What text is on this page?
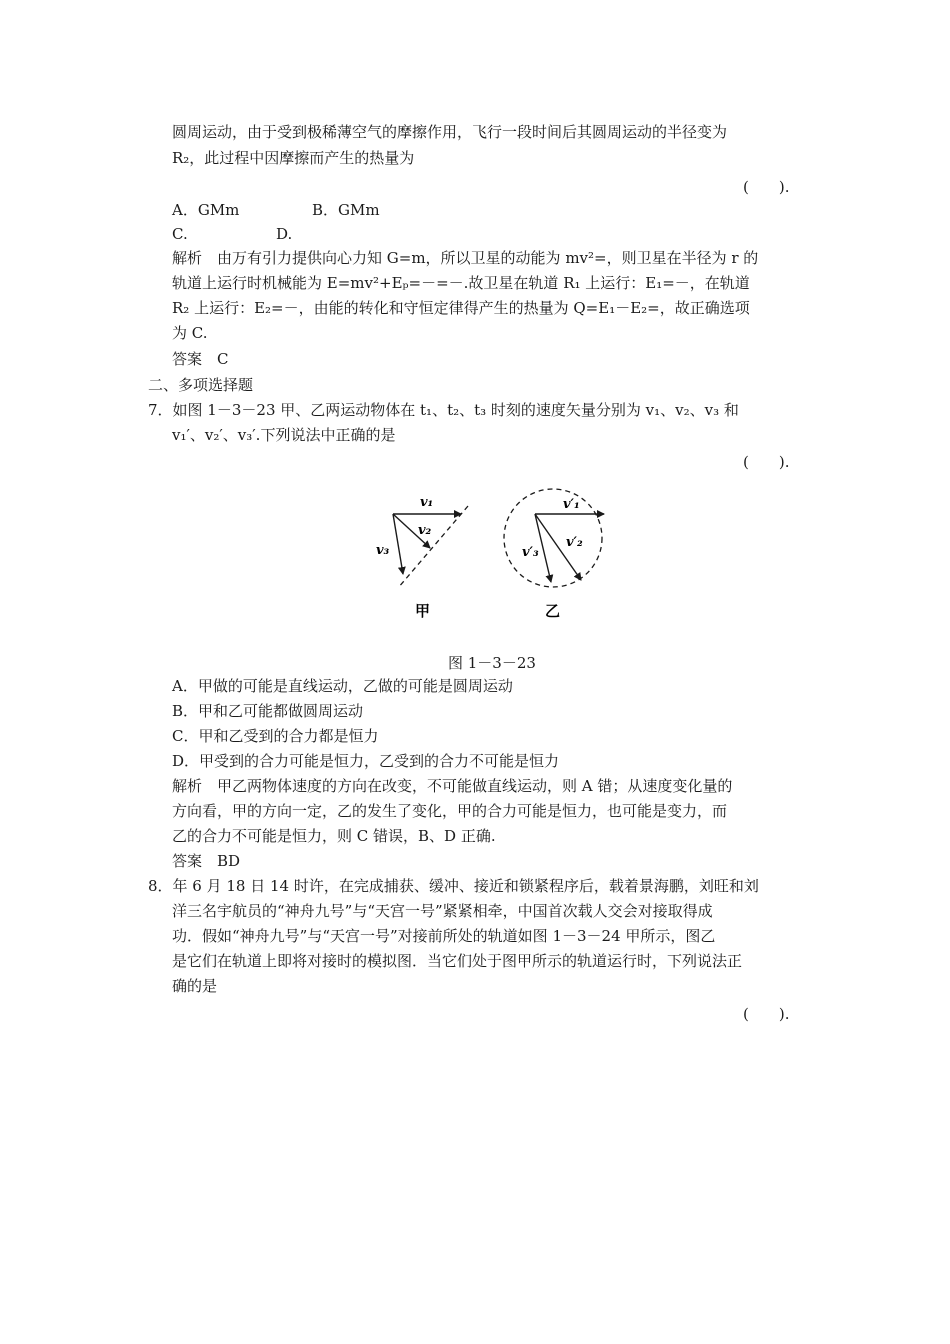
圆周运动，由于受到极稀薄空气的摩擦作用，飞行一段时间后其圆周运动的半径变为
R₂，此过程中因摩擦而产生的热量为
(　　).
A．GMm	B．GMm
C.	D.
解析　由万有引力提供向心力知 G=m，所以卫星的动能为 mv²=，则卫星在半径为 r 的
轨道上运行时机械能为 E=mv²+Eₚ=－=－.故卫星在轨道 R₁ 上运行：E₁=－，在轨道
R₂ 上运行：E₂=－，由能的转化和守恒定律得产生的热量为 Q=E₁－E₂=，故正确选项
为 C.
答案　C
二、多项选择题
7．如图 1－3－23 甲、乙两运动物体在 t₁、t₂、t₃ 时刻的速度矢量分别为 v₁、v₂、v₃ 和
v₁′、v₂′、v₃′.下列说法中正确的是
(　　).
v₁
v₂
v₃
甲
v′₁
v′₂
v′₃
乙
图 1－3－23
A．甲做的可能是直线运动，乙做的可能是圆周运动
B．甲和乙可能都做圆周运动
C．甲和乙受到的合力都是恒力
D．甲受到的合力可能是恒力，乙受到的合力不可能是恒力
解析　甲乙两物体速度的方向在改变，不可能做直线运动，则 A 错；从速度变化量的
方向看，甲的方向一定，乙的发生了变化，甲的合力可能是恒力，也可能是变力，而
乙的合力不可能是恒力，则 C 错误，B、D 正确.
答案　BD
8．年 6 月 18 日 14 时许，在完成捕获、缓冲、接近和锁紧程序后，载着景海鹏，刘旺和刘
洋三名宇航员的“神舟九号”与“天宫一号”紧紧相牵，中国首次载人交会对接取得成
功．假如“神舟九号”与“天宫一号”对接前所处的轨道如图 1－3－24 甲所示，图乙
是它们在轨道上即将对接时的模拟图．当它们处于图甲所示的轨道运行时，下列说法正
确的是
(　　).
